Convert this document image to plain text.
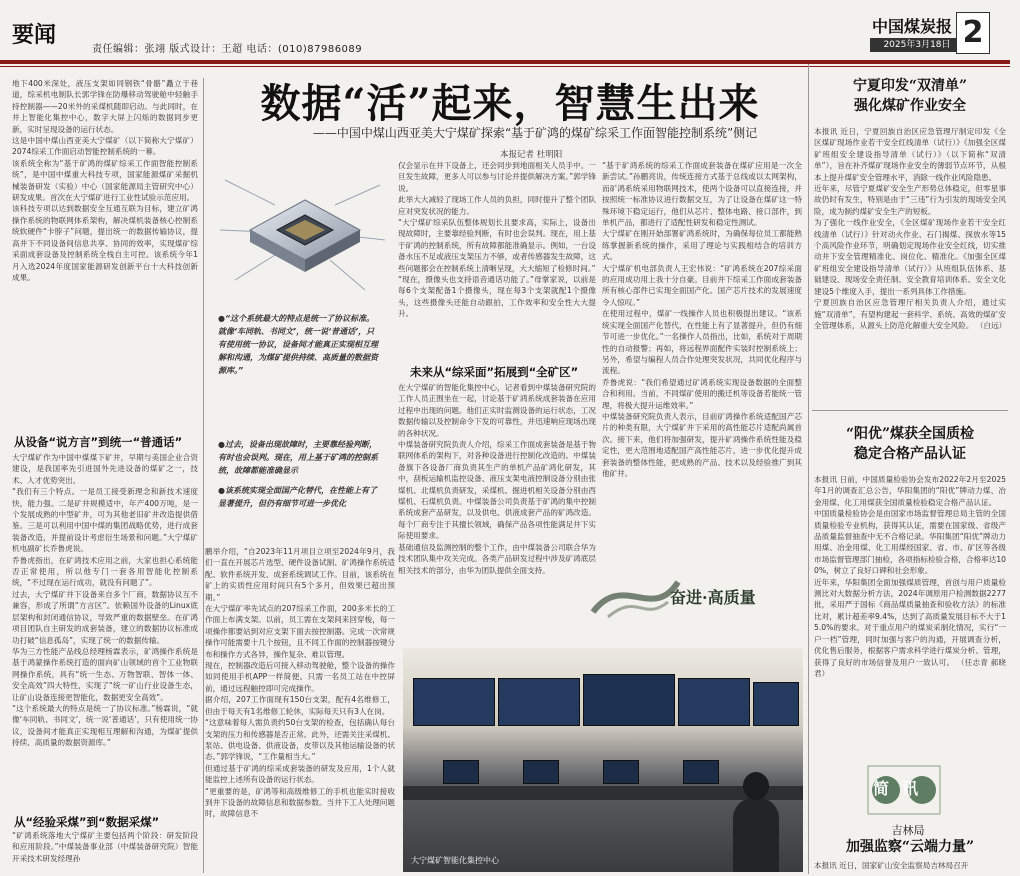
要闻
责任编辑：张翊 版式设计：王超 电话：(010)87986089
中国煤炭报
2025年3月18日 2
数据“活”起来，智慧生出来
——中国中煤山西亚美大宁煤矿探索“基于矿鸿的煤矿综采工作面智能控制系统”侧记
本报记者 杜明阳
地下400米深处，液压支架如同钢铁“骨骼”矗立于巷道，综采机电制队长郭学锋在防爆移动驾驶舱中轻触手持控制器——20米外的采煤机随即启动。与此同时，在井上智能化集控中心，数字大屏上闪烁的数据同步更新，实时呈现设备的运行状态。
这是中国中煤山西亚美大宁煤矿（以下简称大宁煤矿）2074综采工作面启动智能控制系统的一幕。
该系统全称为“基于矿鸿的煤矿综采工作面智能控制系统”，是中国中煤重大科技专项，国家能源煤矿采掘机械装备研发（实验）中心（国家能源局主管研究中心）研发成果。首次在大宁煤矿进行工业性试验示范应用。
该科技专项以达到数据安全互通互联为目标，建立矿鸿操作系统的物联网体系架构，解决煤机装备核心控制系统软硬件“卡脖子”问题，提出统一的数据传输协议，提高井下不同设备间信息共享、协同的效率，实现煤矿综采面成套设备及控制系统全栈自主可控。该系统今年1月入选2024年度国家能源研发创新平台十大科技创新成果。
从设备“说方言”到统一“普通话”
大宁煤矿作为中国中煤煤下矿井，早期与美国企业合资建设，是我国率先引进国外先进设备的煤矿之一，技术、人才优势突出。
“我们有三个特点。一是员工接受新理念和新技术速度快，能力强。二是矿井规模适中，年产400万吨，是一个发展成熟的中型矿井，可为其他老旧矿井改造提供借鉴。三是可以利用中国中煤的集团战略优势，进行成套装备改造，并提前设计考虑衍生场景和问题。”大宁煤矿机电副矿长乔鲁虎说。
乔鲁虎指出，在矿鸿技术应用之前，大家也担心系统能否正常使用，所以他专门一套各用智能化控制系统，“不过现在运行成功，就没有问题了”。
过去，大宁煤矿井下设备来自多个厂商，数据协议互不兼容，形成了所谓“方言区”。依赖国外设备的Linux底层架构和封闭通信协议，导致严重的数据壁垒。在矿鸿项目团队自主研发的成套装备，建立的数据协议标准成功打破“信息孤岛”，实现了统一的数据传输。
华为三方性能产品线总经理杨霖表示，矿鸿操作系统是基于鸿蒙操作系统打造的面向矿山领域的首个工业物联网操作系统，具有“统一生态、万物智联、智体一体、安全高效”四大特性，实现了“统一矿山行业设备生态，让矿山设备连接更智能化，数据更安全高效”。
“这个系统最大的特点是统一了协议标准。”杨霖说，“就像‘车同轨、书同文’，统一说‘普通话’，只有使用统一协议，设备间才能真正实现相互理解和沟通，为煤矿提供持续、高质量的数据资源库。”
从“经验采煤”到“数据采煤”
“矿鸿系统落地大宁煤矿主要包括两个阶段：研发阶段和应用阶段。”中煤装备事业部（中煤装备研究院）智能开采技术研发经理孙
●“这个系统最大的特点是统一了协议标准。就像‘车同轨、书同文’，统一说‘普通话’，只有使用统一协议，设备间才能真正实现相互理解和沟通，为煤矿提供持续、高质量的数据资源库。”
●过去，设备出现故障时，主要靠经验判断，有时也会误判。现在，用上基于矿鸿的控制系统，故障都能准确显示
●该系统实现全面国产化替代，在性能上有了显著提升，但仍有细节可进一步优化
鹏举介绍，“自2023年11月项目立项至2024年9月，我们一直在开展芯片选型、硬件设备试制、矿鸿操作系统适配、软件系统开发、成套系统调试工作。目前，该系统在矿上的实质性应用时间只有5个多月，但效果已超出预期。”
在大宁煤矿率先试点的207综采工作面，200多米长的工作面上布满支架。以前，员工需在支架间来回穿梭，每一项操作都要站到对应支架下面去按控制器。完成一次常规操作可能需要十几个按钮，且不同工作面的控制器按键分布和操作方式各异，操作复杂、难以管理。
现在，控制器改造后可接入移动驾驶舱，整个设备的操作如同使用手机APP一样简便。只需一名员工站在中控屏前，通过远程触控即可完成操作。
据介绍，207工作面现有150台支架，配有4名维修工，但由于每天有1名维修工轮休，实际每天只有3人在岗。
“这意味着每人需负责约50台支架的检查，包括确认每台支架的压力和传感器是否正常。此外，还需关注采煤机、泵站、供电设备、供液设备，皮带以及其他运输设备的状态。”郭学锋说，“工作量相当大。”
但通过基于矿鸿的综采成套装备的研发及应用，1个人就能监控上述所有设备的运行状态。
“更重要的是，矿鸿等和高级维修工的手机也能实时接收到井下设备的故障信息和数据参数。当井下工人处理问题时，故障信息不
仅会显示在井下设备上，还会同步到地面相关人员手中。一旦发生故障，更多人可以参与讨论并提供解决方案。”郭学锋说。
此举大大减轻了现场工作人员的负担，同时提升了整个团队应对突发状况的能力。
“大宁煤矿综采队伍整体规划长且要求高，实际上，设备出现故障时，主要靠经验判断，有时也会误判。现在，用上基于矿鸿的控制系统，所有故障都能准确显示。例如，一台设备水压不足或液压支架压力不够，或者传感器发生故障，这些问题都会在控制系统上清晰呈现，大大缩短了检修时间。”
“现在，摄像头也支持语音通话功能了。”母掌家说，以前是每6个支架配备1个摄像头，现在每3个支架就配1个摄像头，这些摄像头还能自动跟拍，工作效率和安全性大大提升。
未来从“综采面”拓展到“全矿区”
在大宁煤矿的智能化集控中心，记者看到中煤装备研究院的工作人员正围坐在一起，讨论基于矿鸿系统成套装备在应用过程中出现的问题。他们正实时监测设备的运行状态，工况数据传输以及控制命令下发的可靠性，并迅速响应现场出现的各种状况。
中煤装备研究院负责人介绍，综采工作面成套装备是基于物联网体系的架构下，对各种设备进行控制化改造的。中煤装备旗下各设备厂商负责其生产的单机产品矿鸿化研发，其中，刮板运输机监控设备、液压支架电液控制设备分别由张煤机、北煤机负责研发，采煤机、掘进机相关设备分别由西煤机、石煤机负责。中煤装备公司负责基于矿鸿的集中控制系统成套产品研发，以及供电、供液成套产品的矿鸿改造。每个厂商专注于其擅长领域，确保产品各项性能满足井下实际使用要求。
基础通信及监测控制的整个工作，由中煤装备公司联合华为技术团队集中攻关完成。各类产品研发过程中涉及矿鸿底层相关技术的部分，由华为团队提供全面支持。
“基于矿鸿系统的综采工作面成套装备在煤矿应用是一次全新尝试。”孙鹏亮说，传统连接方式基于总线或以太网架构，而矿鸿系统采用物联网技术，使两个设备可以直接连接，并按照统一标准协议进行数据交互，为了让设备在煤矿这一特殊环境下稳定运行，他们从芯片、整体电路、接口部件，到单机产品，都进行了适配性研发和稳定性测试。
大宁煤矿在刚开始部署矿鸿系统时，为确保每位员工都能熟练掌握新系统的操作，采用了理论与实践相结合的培训方式。
大宁煤矿机电部负责人王宏伟说：“矿鸿系统在207综采面的应用成功用上我十分自豪。目前井下综采工作面成套装备所有核心部件已实现全面国产化。国产芯片技术的发展速度令人惊叹。”
在使用过程中，煤矿一线操作人员也积极提出建议。“该系统实现全面国产化替代，在性能上有了显著提升，但仍有细节可进一步优化。”一名操作人员指出，比如，系统对于周期性的自动报警；再如，将远程界面配件实装时控制系统上；另外，希望与编程人员合作处理突发状况，共同优化程序与流程。
乔鲁虎说：“我们希望通过矿鸿系统实现设备数据的全面整合和利用。当前，不同煤矿使用的搬迁机等设备若能统一管理，将极大提升运维效率。”
中煤装备研究院负责人表示，目前矿鸿操作系统适配国产芯片的种类有限，大宁煤矿井下采用的高性能芯片适配尚属首次。接下来，他们将加强研发，提升矿鸿操作系统性能及稳定性，更大范围地适配国产高性能芯片，进一步优化提升成套装备的整体性能，把成熟的产品、技术以及经验推广到其他矿井。
奋进·高质量
大宁煤矿智能化集控中心
宁夏印发“双清单”
强化煤矿作业安全
本报讯 近日，宁夏回族自治区应急管理厅制定印发《全区煤矿现场作业若干安全红线清单（试行）》《加强全区煤矿班组安全建设指导清单（试行）》（以下简称“双清单”），旨在补齐煤矿现场作业安全的薄弱节点环节，从根本上提升煤矿安全管理水平，消除一线作业风险隐患。
近年来，尽管宁夏煤矿安全生产形势总体稳定，但零星事故仍时有发生，特别是由于“三违”行为引发的现场安全风险，成为制约煤矿安全生产的短板。
为了强化一线作业安全，《全区煤矿现场作业若干安全红线清单（试行）》针对动火作业、石门揭煤、探放水等15个高风险作业环节，明确划定现场作业安全红线，切实推动井下安全管理精准化、岗位化、精准化。《加强全区煤矿班组安全建设指导清单（试行）》从班组队伍体系、基础建设、现场安全责任制、安全教育培训体系、安全文化建设5个维度入手，提出一系列具体工作措施。
宁夏回族自治区应急管理厅相关负责人介绍，通过实施“双清单”，有望构建起一套科学、系统、高效的煤矿安全管理体系，从源头上防范化解重大安全风险。 （白远）
“阳优”煤获全国质检
稳定合格产品认证
本报讯 日前，中国质量检验协会发布2022年2月至2025年1月的调查汇总公告，华阳集团的“阳优”牌动力煤、冶金用煤、化工用煤获全国质量检验稳定合格产品认证。
中国质量检验协会是由国家市场监督管理总局主管的全国质量检验专业机构，获得其认证，需要在国家级、省级产品质量监督抽查中无不合格记录。华阳集团“阳优”牌动力用煤、冶金用煤、化工用煤经国家、省、市、矿区等各级市场监督管理部门抽检，各项指标检验合格，合格率达100%，树立了良好口碑和社会形象。
近年来，华阳集团全面加强煤质管理，首创与用户质量检测比对大数据分析方法，2024年调原用户检测数据2277批，采用严于国标《商品煤质量抽查和验收方法》的标准比对，累计超差率9.4%，达到了高质量发展目标不大于15.0%的要求。对于重点用户的煤炭采制化情况，实行“一户一档”管理，同时加强与客户的沟通，开展调查分析，优化售后服务，根据客户需求科学进行煤炭分析、管理，获得了良好的市场信誉及用户一致认可。 （任志青 郝晓君）
简讯
吉林局
加强监察“云端力量”
本报讯 近日，国家矿山安全监察局吉林局召开
